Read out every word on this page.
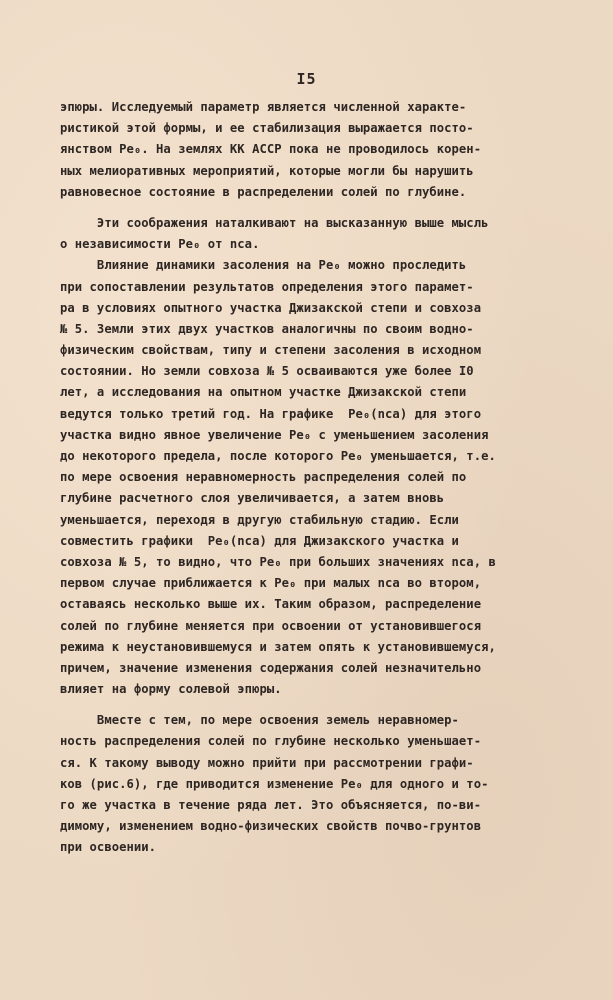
I5
эпюры. Исследуемый параметр является численной характе-
ристикой этой формы, и ее стабилизация выражается посто-
янством Pe₀. На землях КК АССР пока не проводилось корен-
ных мелиоративных мероприятий, которые могли бы нарушить
равновесное состояние в распределении солей по глубине.
Эти соображения наталкивают на высказанную выше мысль
о независимости Pe₀ от nса.
Влияние динамики засоления на Pe₀ можно проследить
при сопоставлении результатов определения этого парамет-
ра в условиях опытного участка Джизакской степи и совхоза
№ 5. Земли этих двух участков аналогичны по своим водно-
физическим свойствам, типу и степени засоления в исходном
состоянии. Но земли совхоза № 5 осваиваются уже более I0
лет, а исследования на опытном участке Джизакской степи
ведутся только третий год. На графике  Pe₀(nса) для этого
участка видно явное увеличение Pe₀ с уменьшением засоления
до некоторого предела, после которого Pe₀ уменьшается, т.е.
по мере освоения неравномерность распределения солей по
глубине расчетного слоя увеличивается, а затем вновь
уменьшается, переходя в другую стабильную стадию. Если
совместить графики  Pe₀(nса) для Джизакского участка и
совхоза № 5, то видно, что Pe₀ при больших значениях nса, в
первом случае приближается к Pe₀ при малых nса во втором,
оставаясь несколько выше их. Таким образом, распределение
солей по глубине меняется при освоении от установившегося
режима к неустановившемуся и затем опять к установившемуся,
причем, значение изменения содержания солей незначительно
влияет на форму солевой эпюры.
Вместе с тем, по мере освоения земель неравномер-
ность распределения солей по глубине несколько уменьшает-
ся. К такому выводу можно прийти при рассмотрении графи-
ков (рис.6), где приводится изменение Pe₀ для одного и то-
го же участка в течение ряда лет. Это объясняется, по-ви-
димому, изменением водно-физических свойств почво-грунтов
при освоении.
